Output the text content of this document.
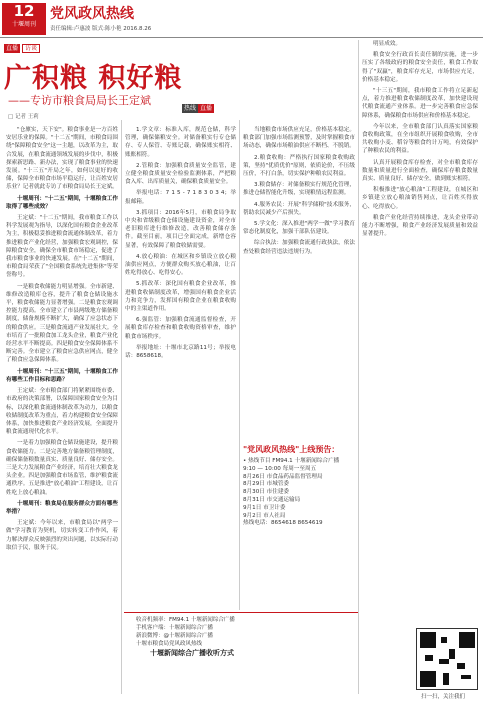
12
十堰周刊
党风政风热线
责任编辑:卢惠波 版式:陈小艳 2016.8.26
直播	访谈
广积粮 积好粮
——专访市粮食局局长王定斌
□ 记者 王莉
热线 直播

"仓廪实，天下安"。粮食事业是一方百姓安居乐业的保障。"十二五"期间，市粮食局围绕"保障粮食安全"这一主题，以改革为主，取合发展，在粮食流通领域发展的步伐中，积极探索新思路、新办法，实现了粮食事业的快速发展。"十三五"开局之年，如何以更好的收储，保障全市粮食市场平稳运行，让百姓安居乐业？记者就此专访了市粮食局局长王定斌。

十堰周刊："十二五"期间，十堰粮食工作取得了哪些成效？

王定斌："十二五"期间，我市粮食工作以科学发展观为指导，以深化国有粮食企业改革为主，积极稳妥推进粮食流通体制改革，着力推进粮食产业化经营，加强粮食宏观调控，保障粮食安全，确保全市粮食市场稳定，促进了我市粮食事业的快速发展。在"十二五"期间，市粮食局荣获了"全国粮食系统先进集体"等荣誉称号。

一是粮食收储能力明显增强。全市新建、维修改造粮库仓容，提升了粮食仓储设施水平，粮食收储能力显著增强。二是粮食宏观调控能力提高。全市建立了市县两级地方储备粮制度，储备规模不断扩大，确保了应急状态下的粮食供应。三是粮食流通产业发展壮大。全市培育了一批粮食加工龙头企业，粮食产业化经营水平不断提高。四是粮食安全保障体系不断完善。全市建立了粮食应急供应网点，健全了粮食应急保障体系。

十堰周刊："十三五"期间，十堰粮食工作有哪些工作目标和思路？

王定斌：全市粮食部门将紧紧围绕市委、市政府的决策部署，以保障国家粮食安全为目标，以深化粮食流通体制改革为动力，以粮食收储制度改革为重点，着力构建粮食安全保障体系，加快推进粮食产业经济发展，全面提升粮食流通现代化水平。

一是着力加强粮食仓储设施建设，提升粮食收储能力。二是完善地方储备粮管理制度，确保储备粮数量真实、质量良好、储存安全。三是大力发展粮食产业经济，培育壮大粮食龙头企业。四是加强粮食市场监管，维护粮食流通秩序。五是推进"放心粮油"工程建设，让百姓吃上放心粮油。

十堰周刊：粮食局在服务群众方面有哪些举措？

王定斌：今年以来，市粮食局以"两学一做"学习教育为契机，切实转变工作作风，着力解决群众反映强烈的突出问题，以实际行动取信于民，服务于民。

1.学文章：标准入库，规范仓储，科学管理，确保储粮安全。对储备粮实行专仓储存、专人保管、专账记载，确保账实相符、账账相符。

2.管粮食：加强粮食质量安全监管，建立健全粮食质量安全检验监测体系，严把粮食入库、出库质量关，确保粮食质量安全。

举报电话：7 1 5 - 7 1 8 3 0 3 4；举报邮箱。

3.抓项目：2016年5月，市粮食局争取中央和省级粮食仓储设施建设资金，对全市老旧粮库进行维修改造，改善粮食储存条件。截至目前，项目已全面完成，新增仓容显著，有效保障了粮食收储需要。

4.放心粮油：在城区和乡镇设立放心粮油供应网点，方便群众购买放心粮油，让百姓吃得放心、吃得安心。

5.抓改革：深化国有粮食企业改革，推进粮食收储制度改革，增强国有粮食企业活力和竞争力，发挥国有粮食企业在粮食收购中的主渠道作用。

6.强监管：加强粮食流通监督检查，开展粮食库存检查和粮食收购资格审查，维护粮食市场秩序。

举报地址：十堰市北京路11号；举报电话：8658618。

当地粮食市场供应充足，价格基本稳定。粮食部门加强市场监测预警，及时掌握粮食市场动态，确保市场粮油供应不断档、不脱销。

2.粮食收购：严格执行国家粮食收购政策，坚持"优质优价"原则，依质论价，不压级压价，不打白条，切实保护种粮农民利益。

3.粮食储存：对储备粮实行规范化管理，推进仓储智能化升级，实现粮情远程监测。

4.服务农民：开展"科学储粮"技术服务，帮助农民减少产后损失。

5.学文化：深入推进"两学一做"学习教育常态化制度化，加强干部队伍建设。

综合执法：加强粮食流通行政执法，依法查处粮食经营违法违规行为。

"党风政风热线"上线预告：
• 热线节目 FM94.1 十堰新闻综合广播
9:10 — 10:00 每周一至周五
8月26日 市食品药品监督管理局
8月29日 市城管委
8月30日 市住建委
8月31日 市交通运输局
9月1日 市卫计委
9月2日 市人社局
热线电话：8654618 8654619

明显成效。

粮食安全行政首长责任制的实施，进一步压实了各级政府的粮食安全责任，粮食工作取得了"双赢"，粮食库存充足，市场供应充足，价格基本稳定。

"十三五"期间，我市粮食工作将立足新起点，着力推进粮食收储制度改革，加快建设现代粮食流通产业体系。进一步完善粮食应急保障体系，确保粮食市场供应和价格基本稳定。

今年以来，全市粮食部门认真落实国家粮食收购政策，在全市组织开展粮食收购，全市共收购小麦、稻谷等粮食约计万吨，有效保护了种粮农民的利益。

认真开展粮食库存检查，对全市粮食库存数量和质量进行全面检查，确保库存粮食数量真实、质量良好、储存安全，做到账实相符。

积极推进"放心粮油"工程建设，在城区和乡镇建立放心粮油销售网点，让百姓买得放心、吃得放心。

粮食产业化经营持续推进，龙头企业带动能力不断增强，粮食产业经济发展质量和效益显著提升。

收音机频率：FM94.1 十堰新闻综合广播
手机客户端：十堰新闻综合广播
新浪微博：@十堰新闻综合广播
十堰市粮食局党风政风热线
十堰新闻综合广播收听方式
扫一扫，关注我们
